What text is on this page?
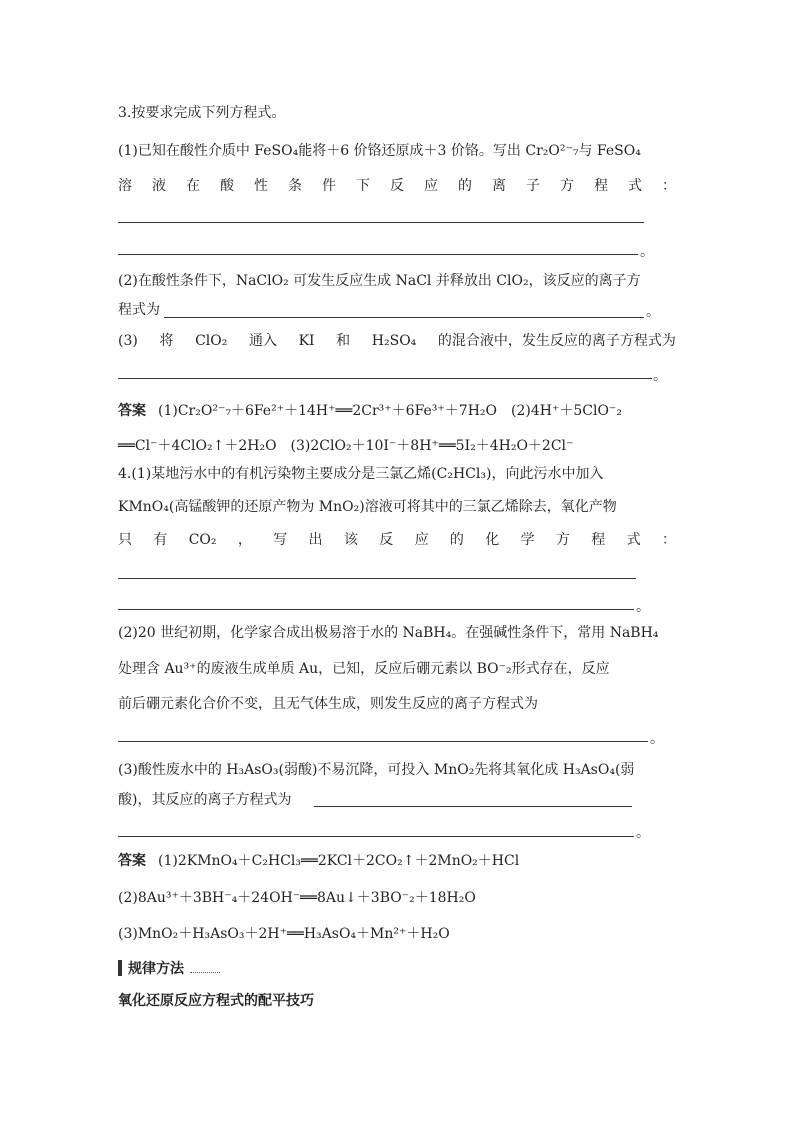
3.按要求完成下列方程式。
(1)已知在酸性介质中 FeSO₄能将＋6 价铬还原成＋3 价铬。写出 Cr₂O²⁻₇与 FeSO₄
溶 液 在 酸 性 条 件 下 反 应 的 离 子 方 程 式 ：
。
(2)在酸性条件下，NaClO₂ 可发生反应生成 NaCl 并释放出 ClO₂，该反应的离子方
程式为	。
(3) 将 ClO₂ 通入 KI 和 H₂SO₄ 的混合液中，发生反应的离子方程式为
。
答案 (1)Cr₂O²⁻₇＋6Fe²⁺＋14H⁺══2Cr³⁺＋6Fe³⁺＋7H₂O　(2)4H⁺＋5ClO⁻₂
══Cl⁻＋4ClO₂↑＋2H₂O　(3)2ClO₂＋10I⁻＋8H⁺══5I₂＋4H₂O＋2Cl⁻
4.(1)某地污水中的有机污染物主要成分是三氯乙烯(C₂HCl₃)，向此污水中加入
KMnO₄(高锰酸钾的还原产物为 MnO₂)溶液可将其中的三氯乙烯除去，氧化产物
只 有 CO₂ ， 写 出 该 反 应 的 化 学 方 程 式 ：
。
(2)20 世纪初期，化学家合成出极易溶于水的 NaBH₄。在强碱性条件下，常用 NaBH₄
处理含 Au³⁺的废液生成单质 Au，已知，反应后硼元素以 BO⁻₂形式存在，反应
前后硼元素化合价不变，且无气体生成，则发生反应的离子方程式为
。
(3)酸性废水中的 H₃AsO₃(弱酸)不易沉降，可投入 MnO₂先将其氧化成 H₃AsO₄(弱
酸)，其反应的离子方程式为
。
答案 (1)2KMnO₄＋C₂HCl₃══2KCl＋2CO₂↑＋2MnO₂＋HCl
(2)8Au³⁺＋3BH⁻₄＋24OH⁻══8Au↓＋3BO⁻₂＋18H₂O
(3)MnO₂＋H₃AsO₃＋2H⁺══H₃AsO₄＋Mn²⁺＋H₂O
规律方法
氧化还原反应方程式的配平技巧
